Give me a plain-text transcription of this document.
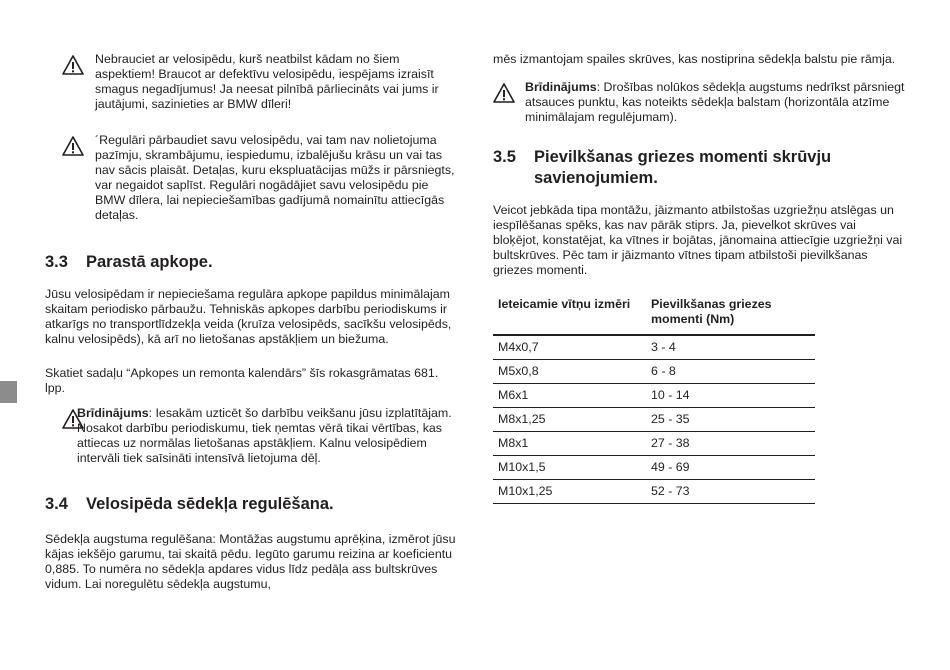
Nebrauciet ar velosipēdu, kurš neatbilst kādam no šiem aspektiem! Braucot ar defektīvu velosipēdu, iespējams izraisīt smagus negadījumus! Ja neesat pilnībā pārliecināts vai jums ir jautājumi, sazinieties ar BMW dīleri!

´Regulāri pārbaudiet savu velosipēdu, vai tam nav nolietojuma pazīmju, skrambājumu, iespiedumu, izbalējušu krāsu un vai tas nav sācis plaisāt. Detaļas, kuru ekspluatācijas mūžs ir pārsniegts, var negaidot saplīst. Regulāri nogādājiet savu velosipēdu pie BMW dīlera, lai nepieciešamības gadījumā nomainītu attiecīgās detaļas.

3.3 Parastā apkope.

Jūsu velosipēdam ir nepieciešama regulāra apkope papildus minimālajam skaitam periodisko pārbaužu. Tehniskās apkopes darbību periodiskums ir atkarīgs no transportlīdzekļa veida (kruīza velosipēds, sacīkšu velosipēds, kalnu velosipēds), kā arī no lietošanas apstākļiem un biežuma.

Skatiet sadaļu “Apkopes un remonta kalendārs” šīs rokasgrāmatas 681. lpp.

Brīdinājums: Iesakām uzticēt šo darbību veikšanu jūsu izplatītājam. Nosakot darbību periodiskumu, tiek ņemtas vērā tikai vērtības, kas attiecas uz normālas lietošanas apstākļiem. Kalnu velosipēdiem intervāli tiek saīsināti intensīvā lietojuma dēļ.

3.4 Velosipēda sēdekļa regulēšana.

Sēdekļa augstuma regulēšana: Montāžas augstumu aprēķina, izmērot jūsu kājas iekšējo garumu, tai skaitā pēdu. Iegūto garumu reizina ar koeficientu 0,885. To numēra no sēdekļa apdares vidus līdz pedāļa ass bultskrūves vidum. Lai noregulētu sēdekļa augstumu,

mēs izmantojam spailes skrūves, kas nostiprina sēdekļa balstu pie rāmja.

Brīdinājums: Drošības nolūkos sēdekļa augstums nedrīkst pārsniegt atsauces punktu, kas noteikts sēdekļa balstam (horizontāla atzīme minimālajam regulējumam).

3.5 Pievilkšanas griezes momenti skrūvju savienojumiem.

Veicot jebkāda tipa montāžu, jāizmanto atbilstošas uzgriežņu atslēgas un iespīlēšanas spēks, kas nav pārāk stiprs. Ja, pievelkot skrūves vai bloķējot, konstatējat, ka vītnes ir bojātas, jānomaina attiecīgie uzgriežņi vai bultskrūves. Pēc tam ir jāizmanto vītnes tipam atbilstoši pievilkšanas griezes momenti.

Ieteicamie vītņu izmēri	Pievilkšanas griezes momenti (Nm)
M4x0,7	3 - 4
M5x0,8	6 - 8
M6x1	10 - 14
M8x1,25	25 - 35
M8x1	27 - 38
M10x1,5	49 - 69
M10x1,25	52 - 73
